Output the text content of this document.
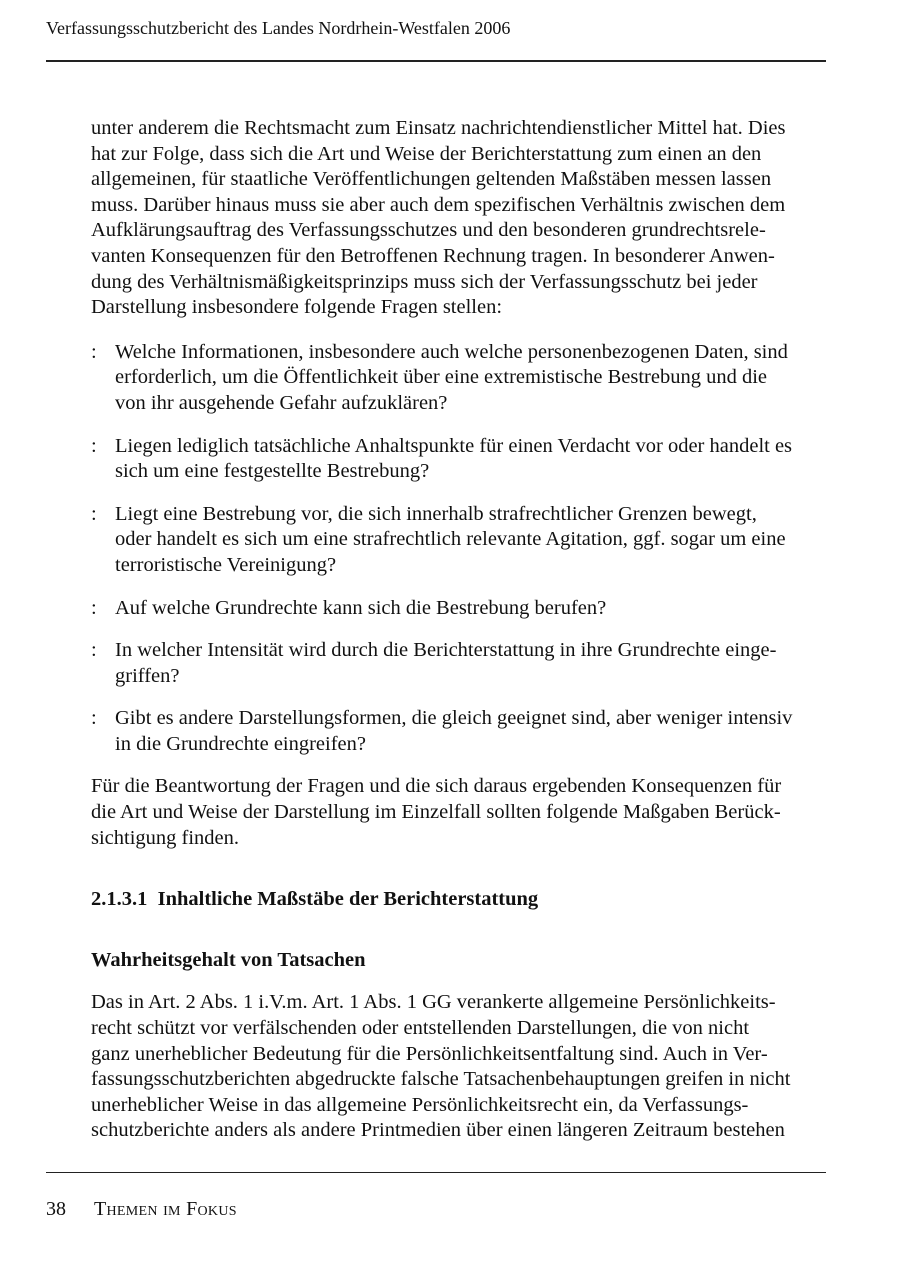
Verfassungsschutzbericht des Landes Nordrhein-Westfalen 2006

unter anderem die Rechtsmacht zum Einsatz nachrichtendienstlicher Mittel hat. Dies
hat zur Folge, dass sich die Art und Weise der Berichterstattung zum einen an den
allgemeinen, für staatliche Veröffentlichungen geltenden Maßstäben messen lassen
muss. Darüber hinaus muss sie aber auch dem spezifischen Verhältnis zwischen dem
Aufklärungsauftrag des Verfassungsschutzes und den besonderen grundrechtsrele-
vanten Konsequenzen für den Betroffenen Rechnung tragen. In besonderer Anwen-
dung des Verhältnismäßigkeitsprinzips muss sich der Verfassungsschutz bei jeder
Darstellung insbesondere folgende Fragen stellen:

: Welche Informationen, insbesondere auch welche personenbezogenen Daten, sind
erforderlich, um die Öffentlichkeit über eine extremistische Bestrebung und die
von ihr ausgehende Gefahr aufzuklären?
: Liegen lediglich tatsächliche Anhaltspunkte für einen Verdacht vor oder handelt es
sich um eine festgestellte Bestrebung?
: Liegt eine Bestrebung vor, die sich innerhalb strafrechtlicher Grenzen bewegt,
oder handelt es sich um eine strafrechtlich relevante Agitation, ggf. sogar um eine
terroristische Vereinigung?
: Auf welche Grundrechte kann sich die Bestrebung berufen?
: In welcher Intensität wird durch die Berichterstattung in ihre Grundrechte einge-
griffen?
: Gibt es andere Darstellungsformen, die gleich geeignet sind, aber weniger intensiv
in die Grundrechte eingreifen?

Für die Beantwortung der Fragen und die sich daraus ergebenden Konsequenzen für
die Art und Weise der Darstellung im Einzelfall sollten folgende Maßgaben Berück-
sichtigung finden.

2.1.3.1  Inhaltliche Maßstäbe der Berichterstattung
Wahrheitsgehalt von Tatsachen

Das in Art. 2 Abs. 1 i.V.m. Art. 1 Abs. 1 GG verankerte allgemeine Persönlichkeits-
recht schützt vor verfälschenden oder entstellenden Darstellungen, die von nicht
ganz unerheblicher Bedeutung für die Persönlichkeitsentfaltung sind. Auch in Ver-
fassungsschutzberichten abgedruckte falsche Tatsachenbehauptungen greifen in nicht
unerheblicher Weise in das allgemeine Persönlichkeitsrecht ein, da Verfassungs-
schutzberichte anders als andere Printmedien über einen längeren Zeitraum bestehen

38	Themen im Fokus
